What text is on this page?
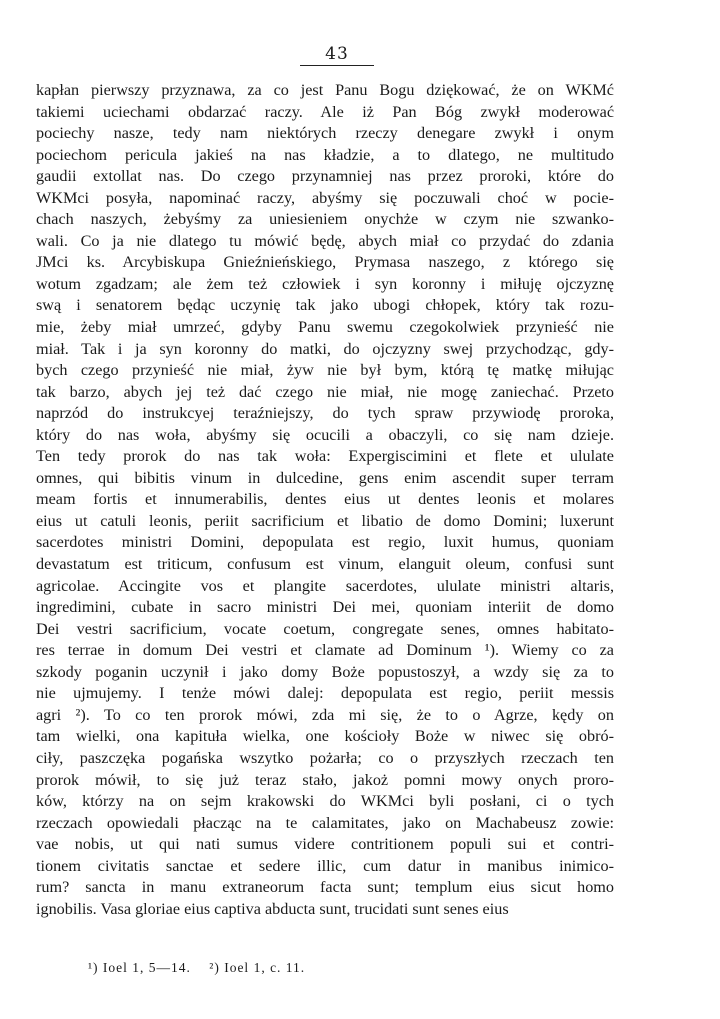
43
kapłan pierwszy przyznawa, za co jest Panu Bogu dziękować, że on WKMć
takiemi uciechami obdarzać raczy. Ale iż Pan Bóg zwykł moderować
pociechy nasze, tedy nam niektórych rzeczy denegare zwykł i onym
pociechom pericula jakieś na nas kładzie, a to dlatego, ne multitudo
gaudii extollat nas. Do czego przynamniej nas przez proroki, które do
WKMci posyła, napominać raczy, abyśmy się poczuwali choć w pocie-
chach naszych, żebyśmy za uniesieniem onychże w czym nie szwanko-
wali. Co ja nie dlatego tu mówić będę, abych miał co przydać do zdania
JMci ks. Arcybiskupa Gnieźnieńskiego, Prymasa naszego, z którego się
wotum zgadzam; ale żem też człowiek i syn koronny i miłuję ojczyznę
swą i senatorem będąc uczynię tak jako ubogi chłopek, który tak rozu-
mie, żeby miał umrzeć, gdyby Panu swemu czegokolwiek przynieść nie
miał. Tak i ja syn koronny do matki, do ojczyzny swej przychodząc, gdy-
bych czego przynieść nie miał, żyw nie był bym, którą tę matkę miłując
tak barzo, abych jej też dać czego nie miał, nie mogę zaniechać. Przeto
naprzód do instrukcyej teraźniejszy, do tych spraw przywiodę proroka,
który do nas woła, abyśmy się ocucili a obaczyli, co się nam dzieje.
Ten tedy prorok do nas tak woła: Expergiscimini et flete et ululate
omnes, qui bibitis vinum in dulcedine, gens enim ascendit super terram
meam fortis et innumerabilis, dentes eius ut dentes leonis et molares
eius ut catuli leonis, periit sacrificium et libatio de domo Domini; luxerunt
sacerdotes ministri Domini, depopulata est regio, luxit humus, quoniam
devastatum est triticum, confusum est vinum, elanguit oleum, confusi sunt
agricolae. Accingite vos et plangite sacerdotes, ululate ministri altaris,
ingredimini, cubate in sacro ministri Dei mei, quoniam interiit de domo
Dei vestri sacrificium, vocate coetum, congregate senes, omnes habitato-
res terrae in domum Dei vestri et clamate ad Dominum ¹). Wiemy co za
szkody poganin uczynił i jako domy Boże popustoszył, a wzdy się za to
nie ujmujemy. I tenże mówi dalej: depopulata est regio, periit messis
agri ²). To co ten prorok mówi, zda mi się, że to o Agrze, kędy on
tam wielki, ona kapituła wielka, one kościoły Boże w niwec się obró-
ciły, paszczęka pogańska wszytko pożarła; co o przyszłych rzeczach ten
prorok mówił, to się już teraz stało, jakoż pomni mowy onych proro-
ków, którzy na on sejm krakowski do WKMci byli posłani, ci o tych
rzeczach opowiedali płacząc na te calamitates, jako on Machabeusz zowie:
vae nobis, ut qui nati sumus videre contritionem populi sui et contri-
tionem civitatis sanctae et sedere illic, cum datur in manibus inimico-
rum? sancta in manu extraneorum facta sunt; templum eius sicut homo
ignobilis. Vasa gloriae eius captiva abducta sunt, trucidati sunt senes eius
¹) Ioel 1, 5—14. ²) Ioel 1, c. 11.
